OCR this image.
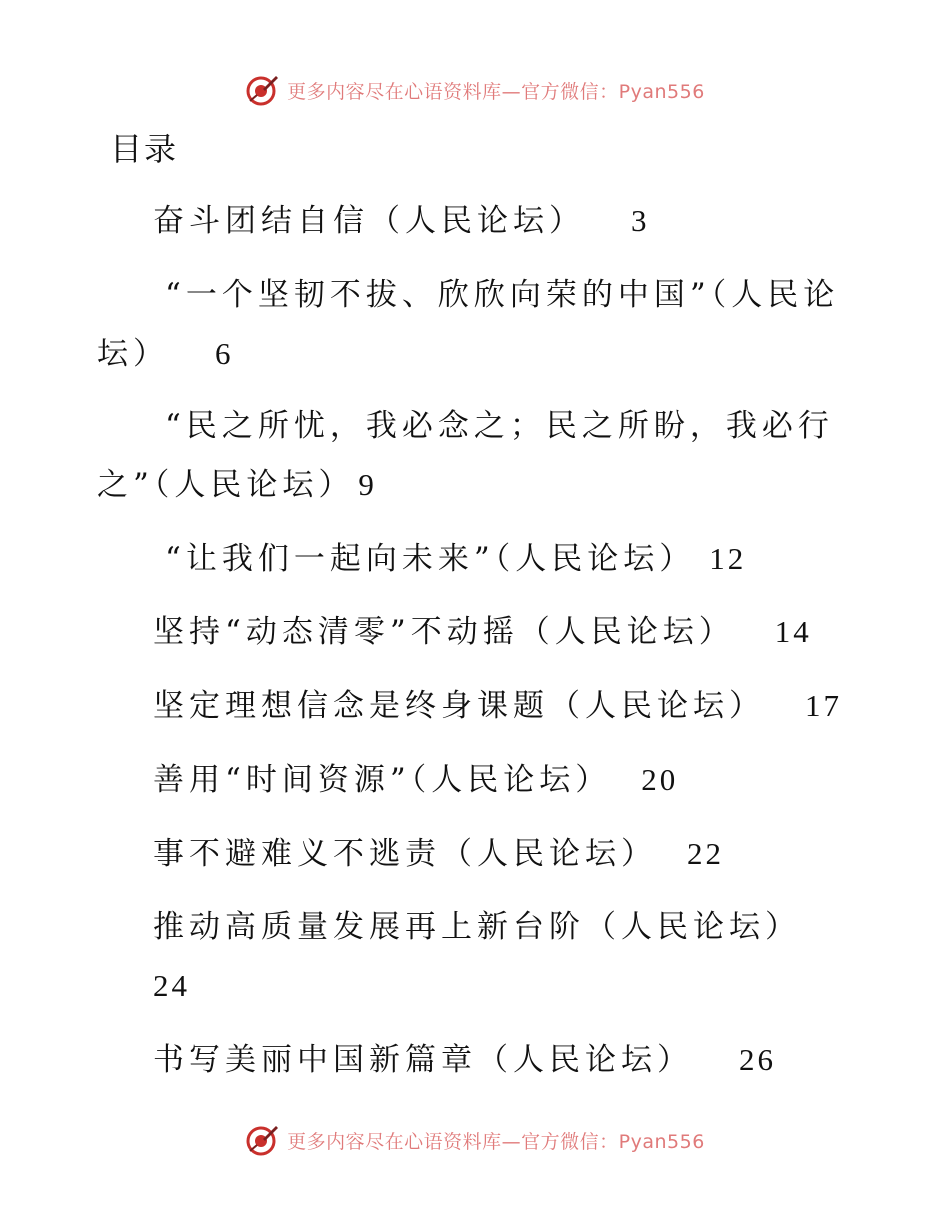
更多内容尽在心语资料库—官方微信：Pyan556
目录
奋斗团结自信（人民论坛） 3
“一个坚韧不拔、欣欣向荣的中国”（人民论
坛） 6
“民之所忧，我必念之；民之所盼，我必行
之”（人民论坛） 9
“让我们一起向未来”（人民论坛） 12
坚持“动态清零”不动摇（人民论坛） 14
坚定理想信念是终身课题（人民论坛） 17
善用“时间资源”（人民论坛） 20
事不避难义不逃责（人民论坛） 22
推动高质量发展再上新台阶（人民论坛）
24
书写美丽中国新篇章（人民论坛） 26
更多内容尽在心语资料库—官方微信：Pyan556
